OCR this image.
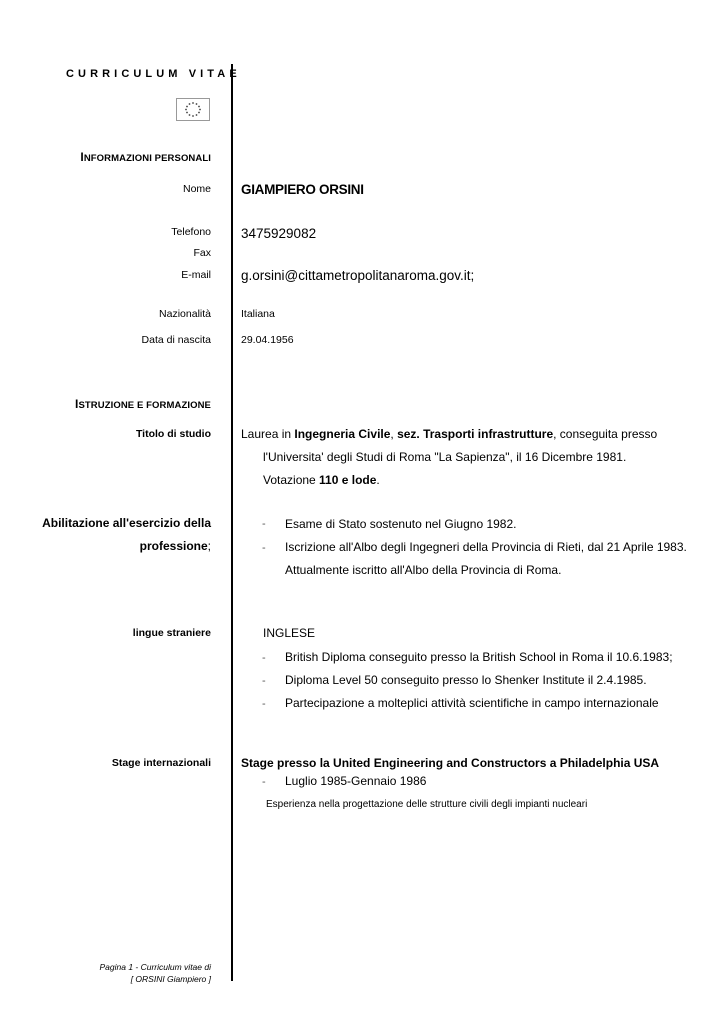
CURRICULUM VITAE
INFORMAZIONI PERSONALI
Nome GIAMPIERO ORSINI
Telefono 3475929082
Fax
E-mail g.orsini@cittametropolitanaroma.gov.it;
Nazionalità	Italiana
Data di nascita	29.04.1956
ISTRUZIONE E FORMAZIONE
Titolo di studio	Laurea in Ingegneria Civile, sez. Trasporti infrastrutture, conseguita presso
l'Universita' degli Studi di Roma "La Sapienza", il 16 Dicembre 1981.
Votazione 110 e lode.
Abilitazione all'esercizio della
professione;
- Esame di Stato sostenuto nel Giugno 1982.
- Iscrizione all'Albo degli Ingegneri della Provincia di Rieti, dal 21 Aprile 1983.
Attualmente iscritto all'Albo della Provincia di Roma.
lingue straniere	INGLESE
- British Diploma conseguito presso la British School in Roma il 10.6.1983;
- Diploma Level 50 conseguito presso lo Shenker Institute il 2.4.1985.
- Partecipazione a molteplici attività scientifiche in campo internazionale
Stage internazionali	Stage presso la United Engineering and Constructors a Philadelphia USA
- Luglio 1985-Gennaio 1986
Esperienza nella progettazione delle strutture civili degli impianti nucleari
Pagina 1 - Curriculum vitae di
[ ORSINI Giampiero ]
